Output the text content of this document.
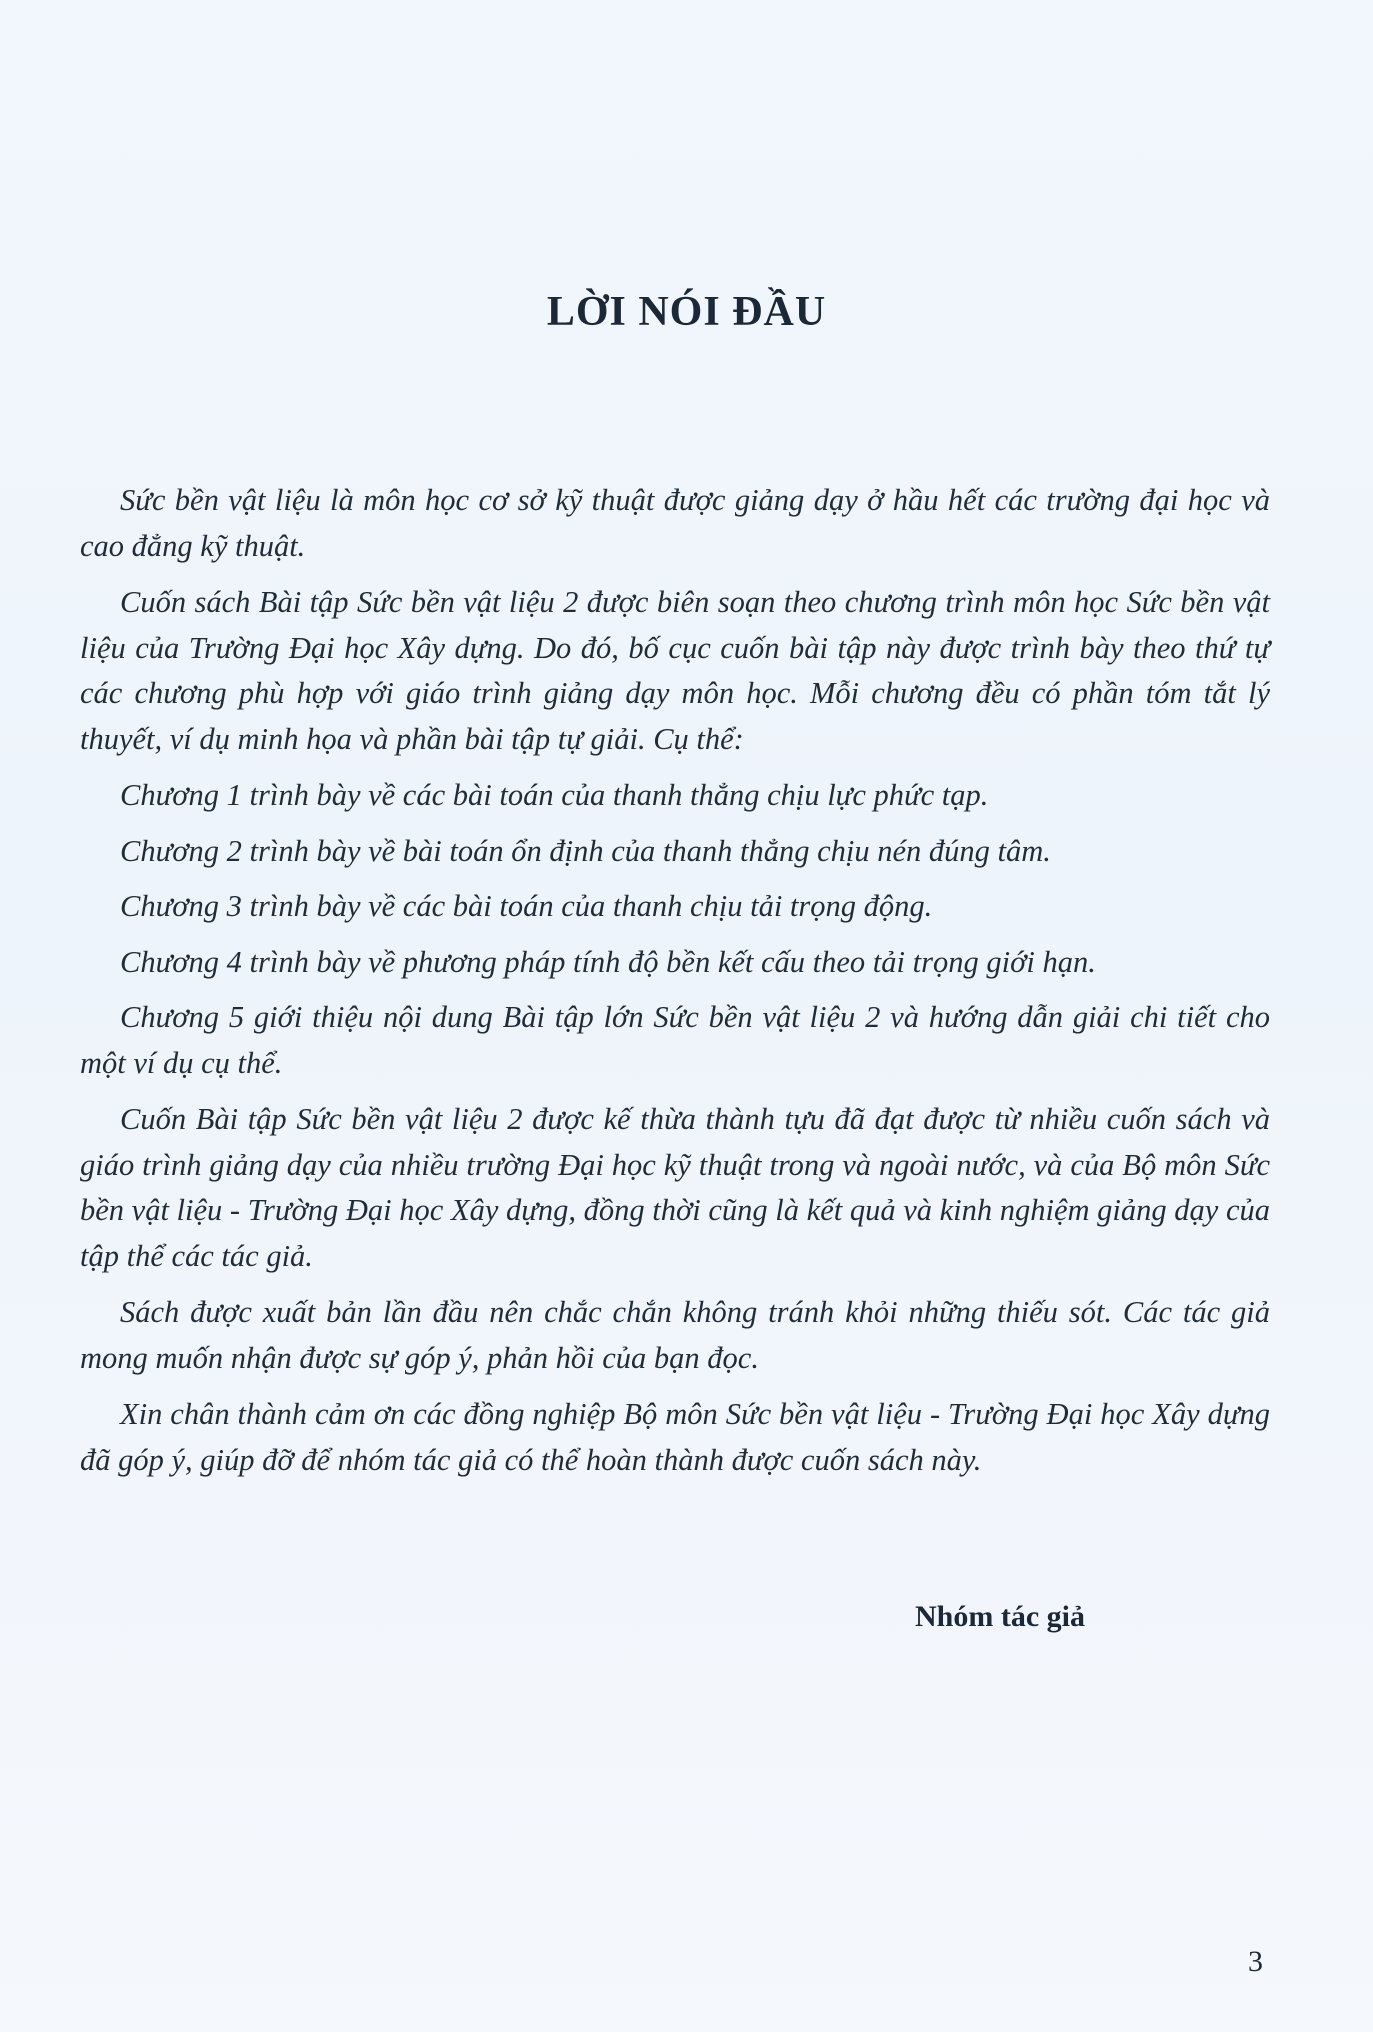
LỜI NÓI ĐẦU

Sức bền vật liệu là môn học cơ sở kỹ thuật được giảng dạy ở hầu hết các trường đại học và cao đẳng kỹ thuật.

Cuốn sách Bài tập Sức bền vật liệu 2 được biên soạn theo chương trình môn học Sức bền vật liệu của Trường Đại học Xây dựng. Do đó, bố cục cuốn bài tập này được trình bày theo thứ tự các chương phù hợp với giáo trình giảng dạy môn học. Mỗi chương đều có phần tóm tắt lý thuyết, ví dụ minh họa và phần bài tập tự giải. Cụ thể:

Chương 1 trình bày về các bài toán của thanh thẳng chịu lực phức tạp.

Chương 2 trình bày về bài toán ổn định của thanh thẳng chịu nén đúng tâm.

Chương 3 trình bày về các bài toán của thanh chịu tải trọng động.

Chương 4 trình bày về phương pháp tính độ bền kết cấu theo tải trọng giới hạn.

Chương 5 giới thiệu nội dung Bài tập lớn Sức bền vật liệu 2 và hướng dẫn giải chi tiết cho một ví dụ cụ thể.

Cuốn Bài tập Sức bền vật liệu 2 được kế thừa thành tựu đã đạt được từ nhiều cuốn sách và giáo trình giảng dạy của nhiều trường Đại học kỹ thuật trong và ngoài nước, và của Bộ môn Sức bền vật liệu - Trường Đại học Xây dựng, đồng thời cũng là kết quả và kinh nghiệm giảng dạy của tập thể các tác giả.

Sách được xuất bản lần đầu nên chắc chắn không tránh khỏi những thiếu sót. Các tác giả mong muốn nhận được sự góp ý, phản hồi của bạn đọc.

Xin chân thành cảm ơn các đồng nghiệp Bộ môn Sức bền vật liệu - Trường Đại học Xây dựng đã góp ý, giúp đỡ để nhóm tác giả có thể hoàn thành được cuốn sách này.

Nhóm tác giả

3
